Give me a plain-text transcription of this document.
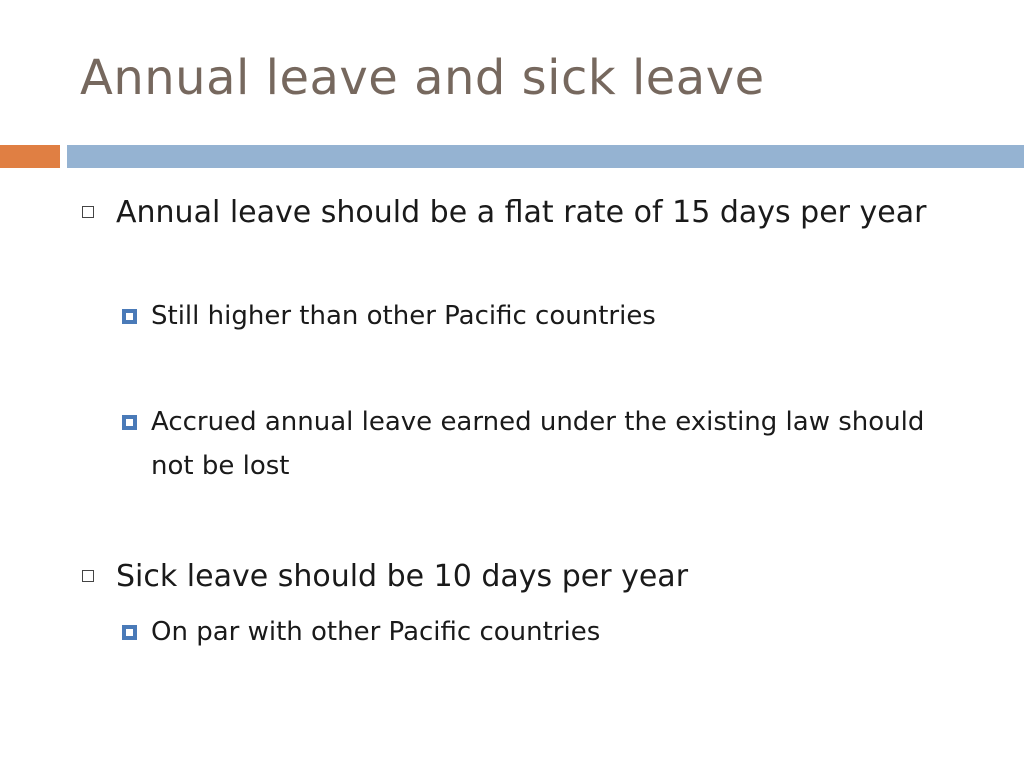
Annual leave and sick leave
Annual leave should be a flat rate of 15 days per year
Still higher than other Pacific countries
Accrued annual leave earned under the existing law should not be lost
Sick leave should be 10 days per year
On par with other Pacific countries
